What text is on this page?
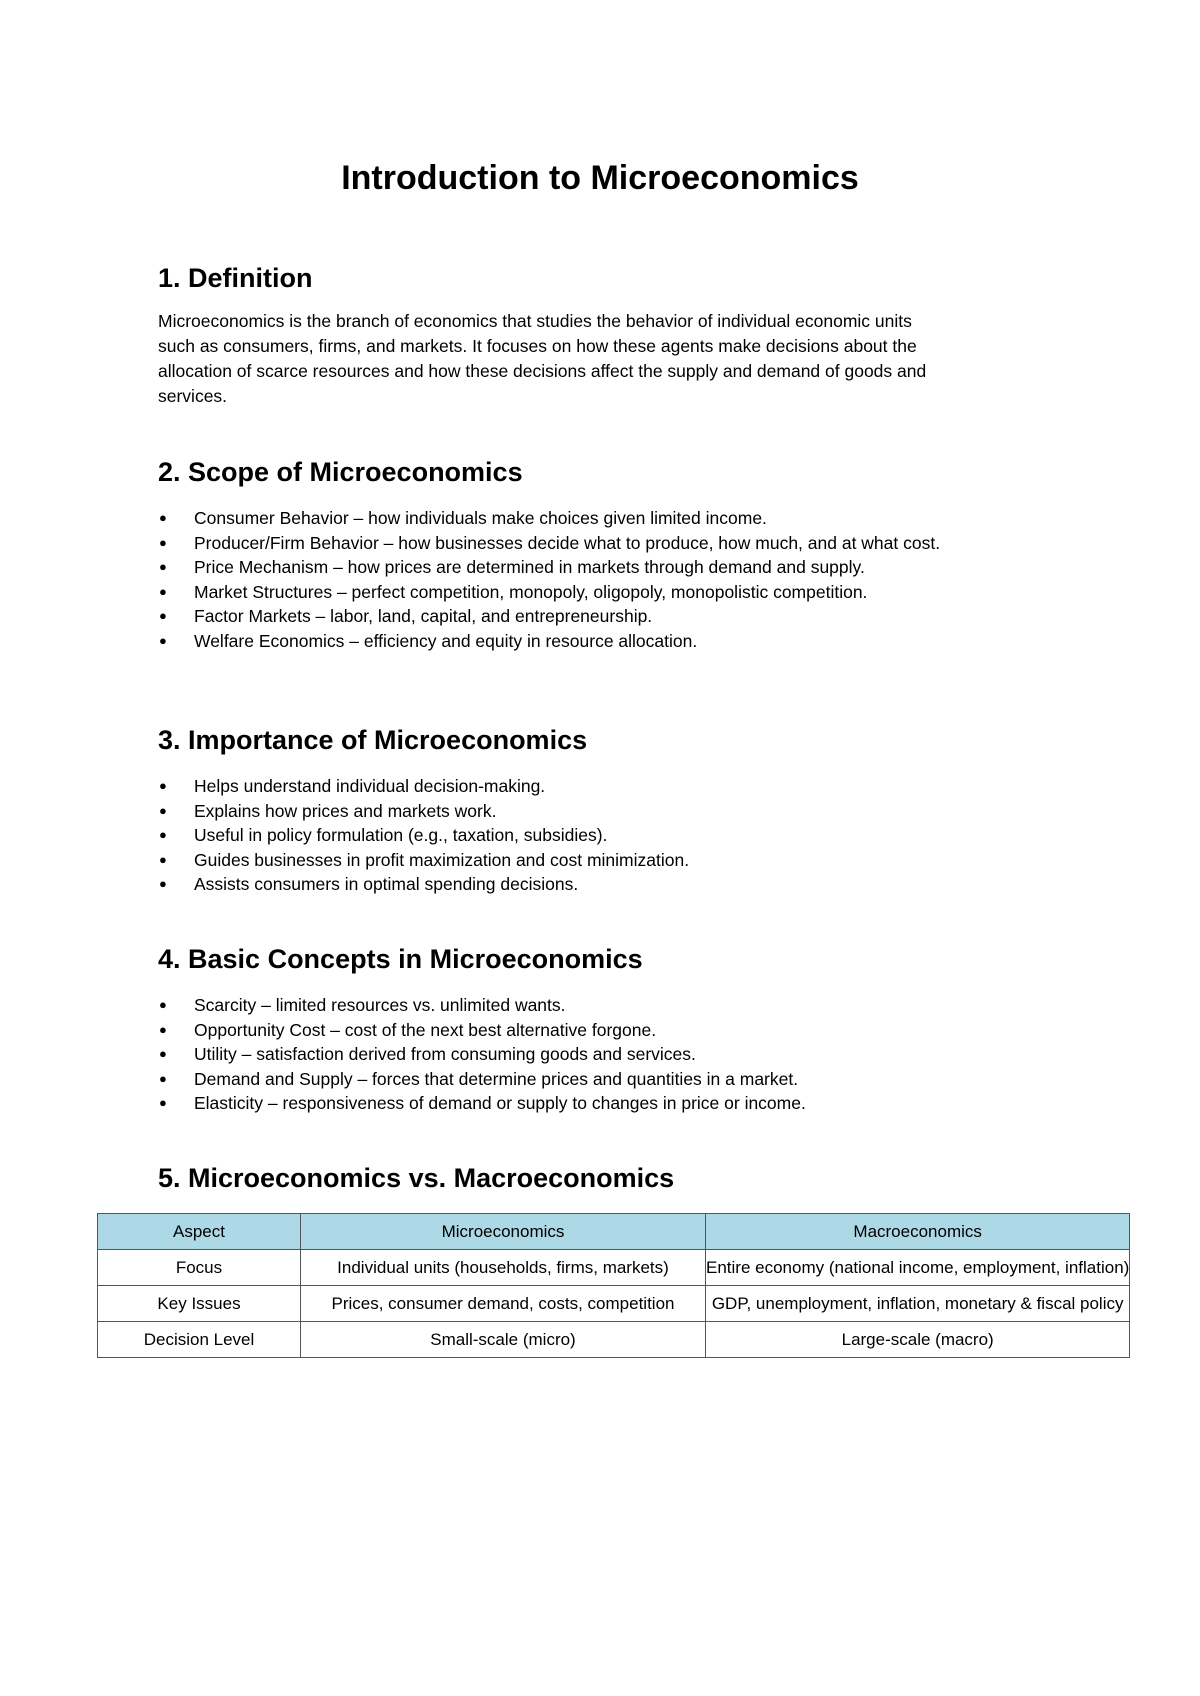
Introduction to Microeconomics
1. Definition

Microeconomics is the branch of economics that studies the behavior of individual economic units
such as consumers, firms, and markets. It focuses on how these agents make decisions about the
allocation of scarce resources and how these decisions affect the supply and demand of goods and
services.

2. Scope of Microeconomics
● Consumer Behavior – how individuals make choices given limited income.
● Producer/Firm Behavior – how businesses decide what to produce, how much, and at what cost.
● Price Mechanism – how prices are determined in markets through demand and supply.
● Market Structures – perfect competition, monopoly, oligopoly, monopolistic competition.
● Factor Markets – labor, land, capital, and entrepreneurship.
● Welfare Economics – efficiency and equity in resource allocation.
3. Importance of Microeconomics
● Helps understand individual decision-making.
● Explains how prices and markets work.
● Useful in policy formulation (e.g., taxation, subsidies).
● Guides businesses in profit maximization and cost minimization.
● Assists consumers in optimal spending decisions.
4. Basic Concepts in Microeconomics
● Scarcity – limited resources vs. unlimited wants.
● Opportunity Cost – cost of the next best alternative forgone.
● Utility – satisfaction derived from consuming goods and services.
● Demand and Supply – forces that determine prices and quantities in a market.
● Elasticity – responsiveness of demand or supply to changes in price or income.
5. Microeconomics vs. Macroeconomics
Aspect	Microeconomics	Macroeconomics
Focus	Individual units (households, firms, markets)	Entire economy (national income, employment, inflation)
Key Issues	Prices, consumer demand, costs, competition	GDP, unemployment, inflation, monetary & fiscal policy
Decision Level	Small-scale (micro)	Large-scale (macro)
